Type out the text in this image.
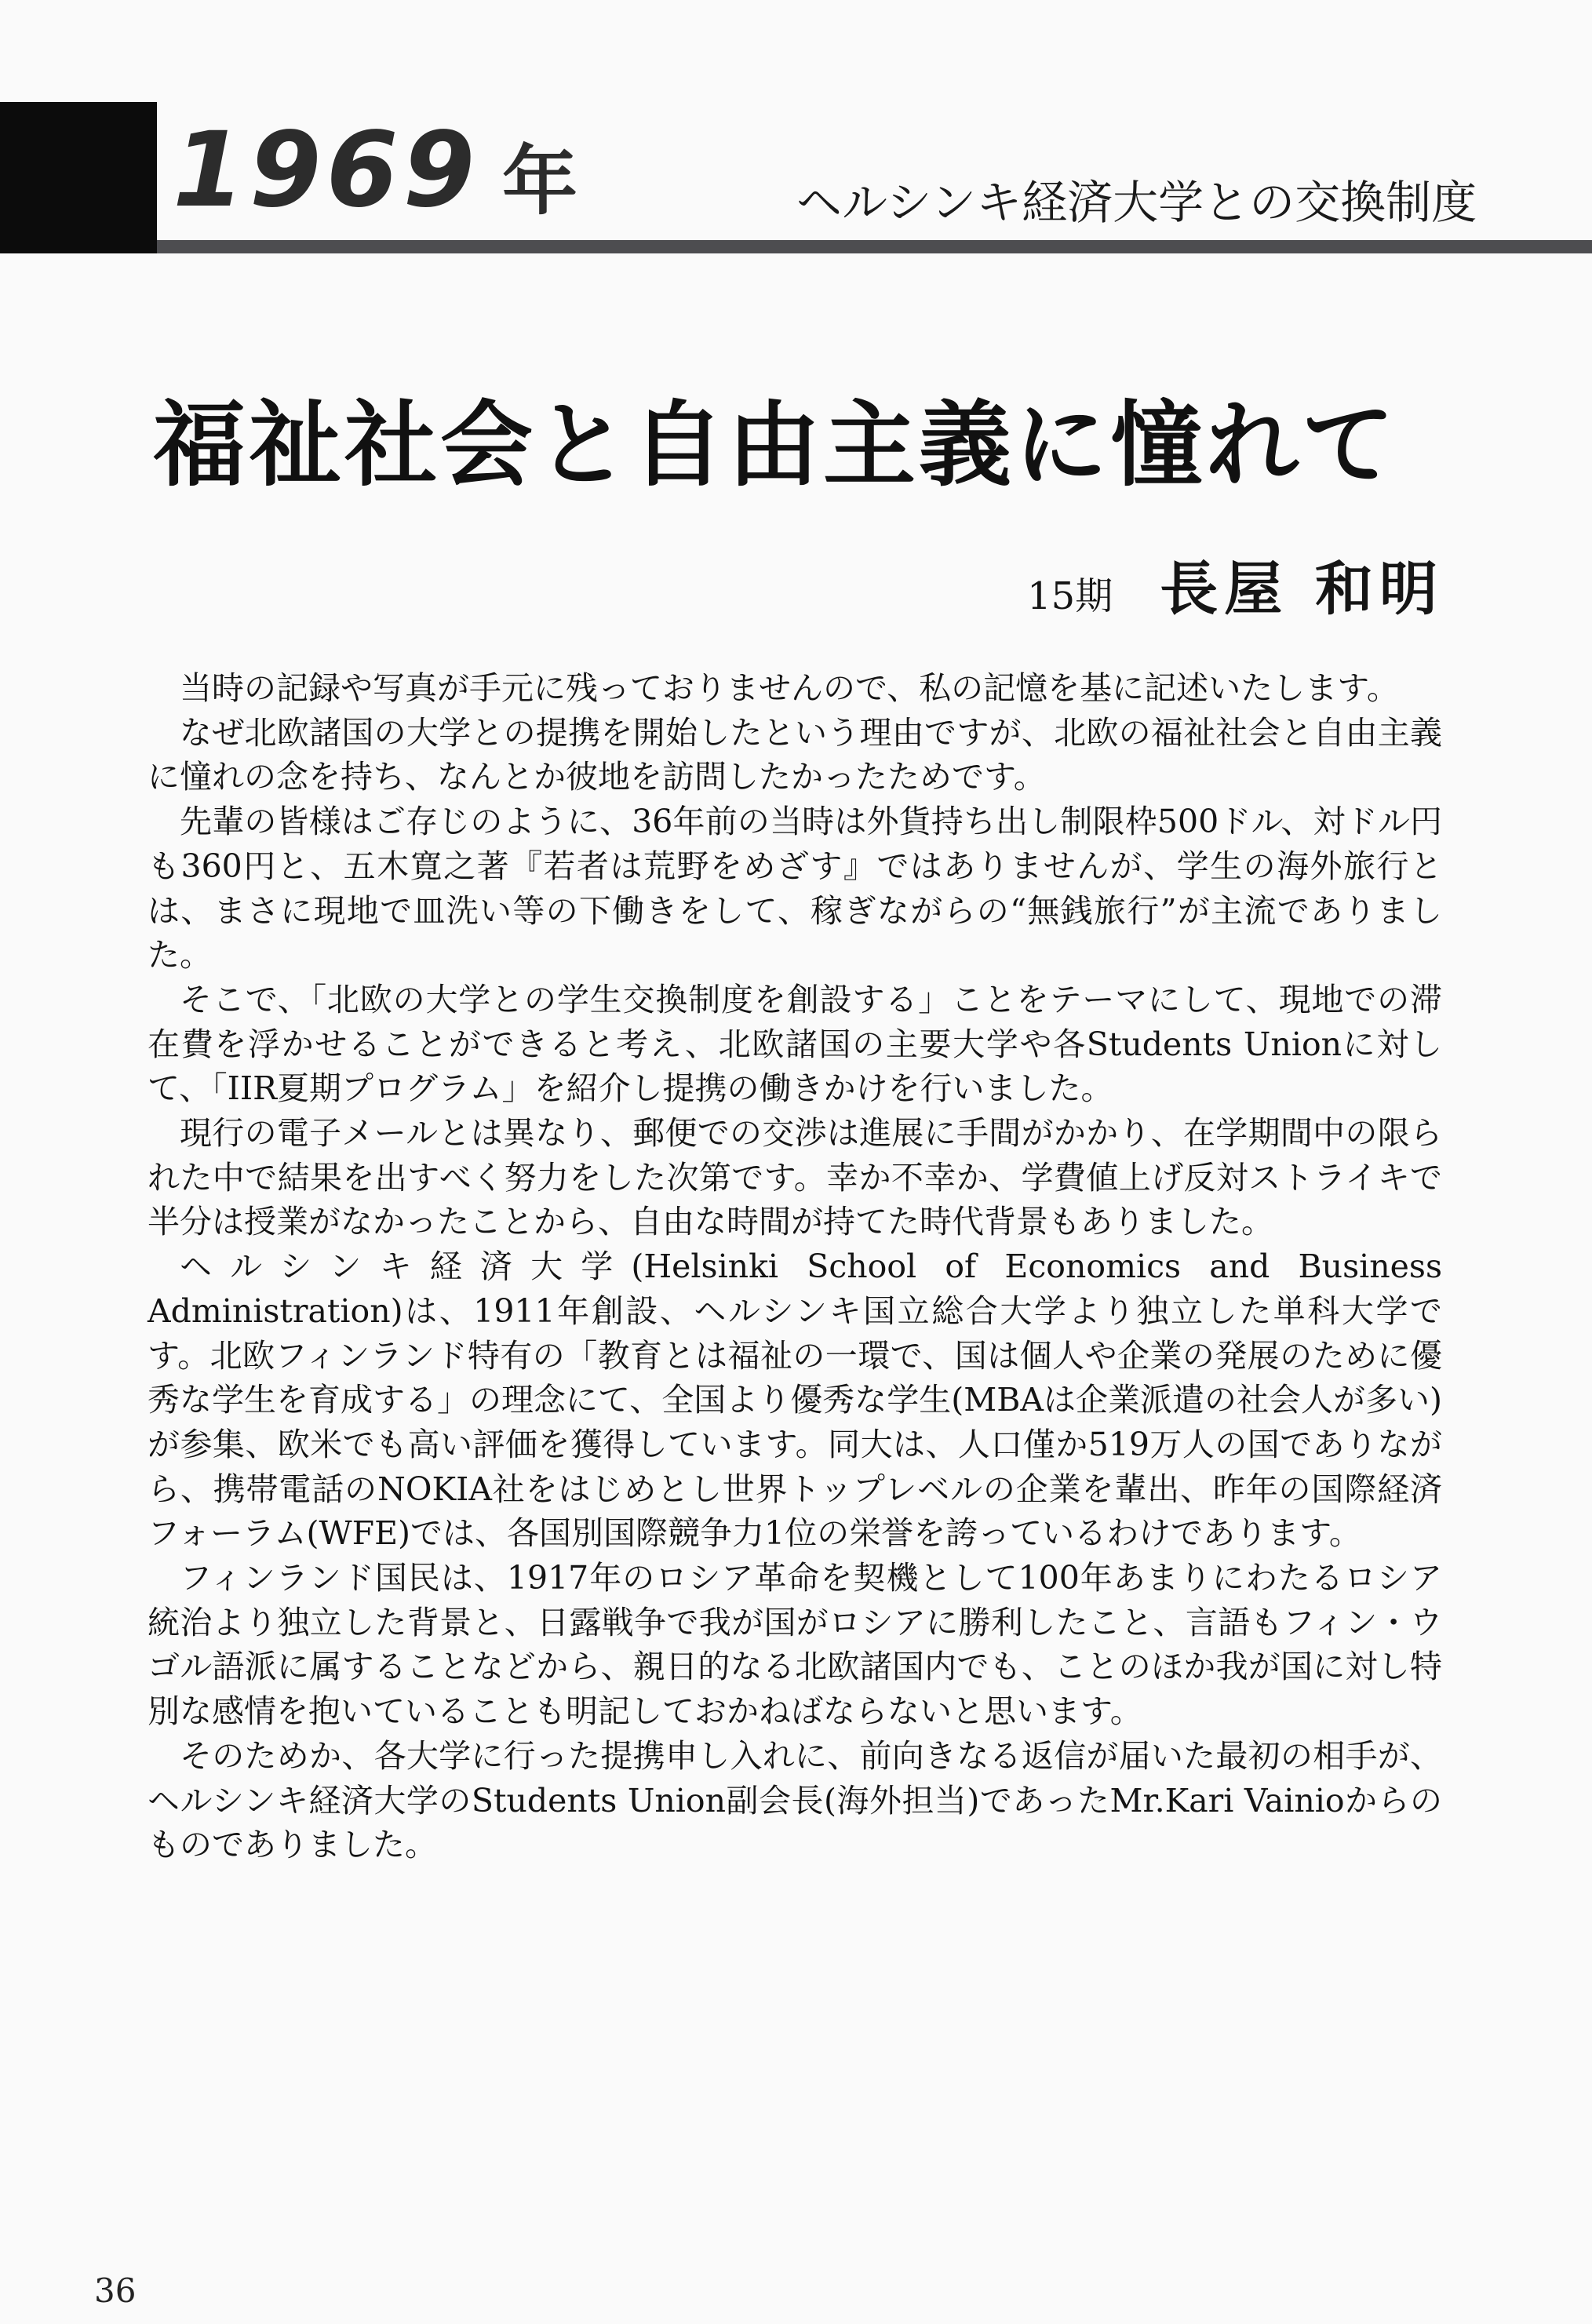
1969 年	ヘルシンキ経済大学との交換制度
福祉社会と自由主義に憧れて
15期 長屋 和明

当時の記録や写真が手元に残っておりませんので、私の記憶を基に記述いたします。

なぜ北欧諸国の大学との提携を開始したという理由ですが、北欧の福祉社会と自由主義に憧れの念を持ち、なんとか彼地を訪問したかったためです。

先輩の皆様はご存じのように、36年前の当時は外貨持ち出し制限枠500ドル、対ドル円も360円と、五木寛之著『若者は荒野をめざす』ではありませんが、学生の海外旅行とは、まさに現地で皿洗い等の下働きをして、稼ぎながらの“無銭旅行”が主流でありました。

そこで、「北欧の大学との学生交換制度を創設する」ことをテーマにして、現地での滞在費を浮かせることができると考え、北欧諸国の主要大学や各Students Unionに対して、「IIR夏期プログラム」を紹介し提携の働きかけを行いました。

現行の電子メールとは異なり、郵便での交渉は進展に手間がかかり、在学期間中の限られた中で結果を出すべく努力をした次第です。幸か不幸か、学費値上げ反対ストライキで半分は授業がなかったことから、自由な時間が持てた時代背景もありました。

ヘルシンキ経済大学(Helsinki School of Economics and Business Administration)は、1911年創設、ヘルシンキ国立総合大学より独立した単科大学です。北欧フィンランド特有の「教育とは福祉の一環で、国は個人や企業の発展のために優秀な学生を育成する」の理念にて、全国より優秀な学生(MBAは企業派遣の社会人が多い)が参集、欧米でも高い評価を獲得しています。同大は、人口僅か519万人の国でありながら、携帯電話のNOKIA社をはじめとし世界トップレベルの企業を輩出、昨年の国際経済フォーラム(WFE)では、各国別国際競争力1位の栄誉を誇っているわけであります。

フィンランド国民は、1917年のロシア革命を契機として100年あまりにわたるロシア統治より独立した背景と、日露戦争で我が国がロシアに勝利したこと、言語もフィン・ウゴル語派に属することなどから、親日的なる北欧諸国内でも、ことのほか我が国に対し特別な感情を抱いていることも明記しておかねばならないと思います。

そのためか、各大学に行った提携申し入れに、前向きなる返信が届いた最初の相手が、ヘルシンキ経済大学のStudents Union副会長(海外担当)であったMr.Kari Vainioからのものでありました。

36
